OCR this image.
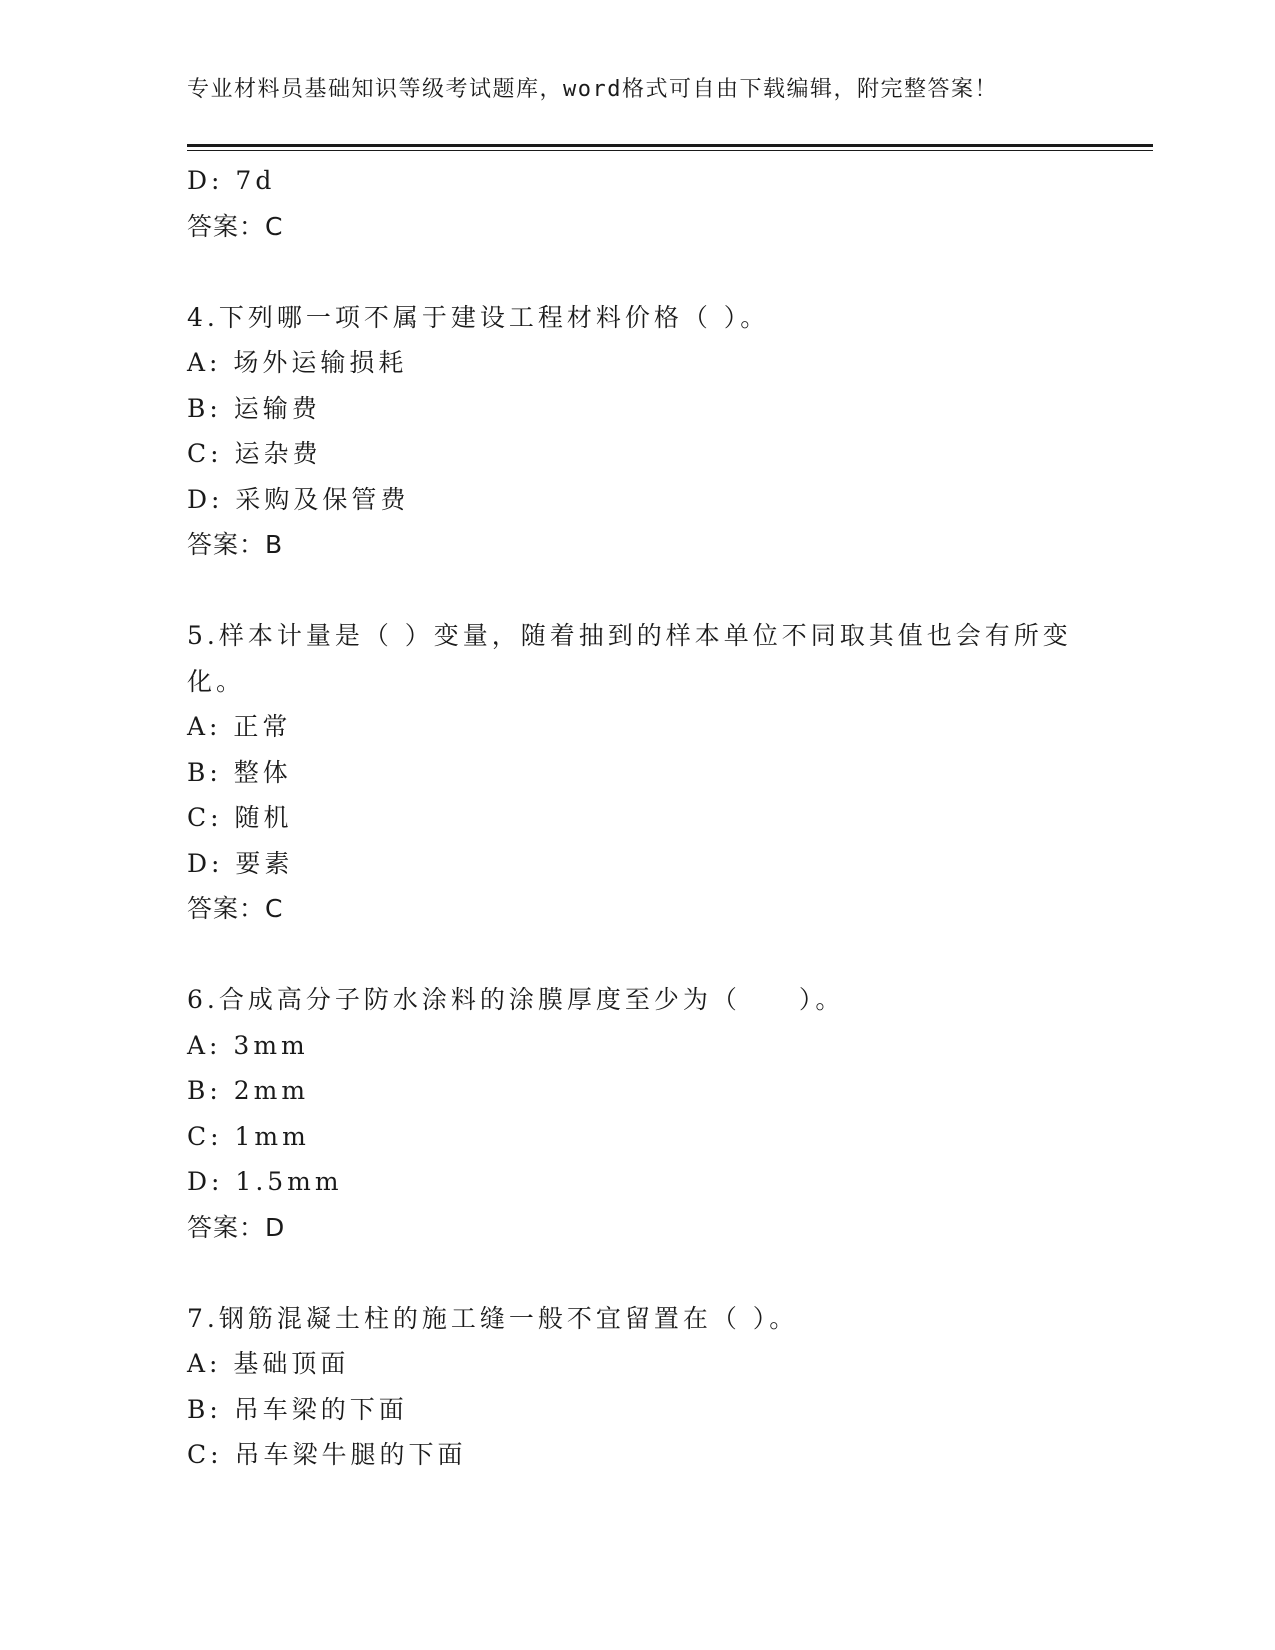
专业材料员基础知识等级考试题库，word格式可自由下载编辑，附完整答案！
D: 7d
答案：C
4.下列哪一项不属于建设工程材料价格（ ）。
A: 场外运输损耗
B: 运输费
C: 运杂费
D: 采购及保管费
答案：B
5.样本计量是（ ）变量，随着抽到的样本单位不同取其值也会有所变
化。
A: 正常
B: 整体
C: 随机
D: 要素
答案：C
6.合成高分子防水涂料的涂膜厚度至少为（　　）。
A: 3mm
B: 2mm
C: 1mm
D: 1.5mm
答案：D
7.钢筋混凝土柱的施工缝一般不宜留置在（ ）。
A: 基础顶面
B: 吊车梁的下面
C: 吊车梁牛腿的下面
